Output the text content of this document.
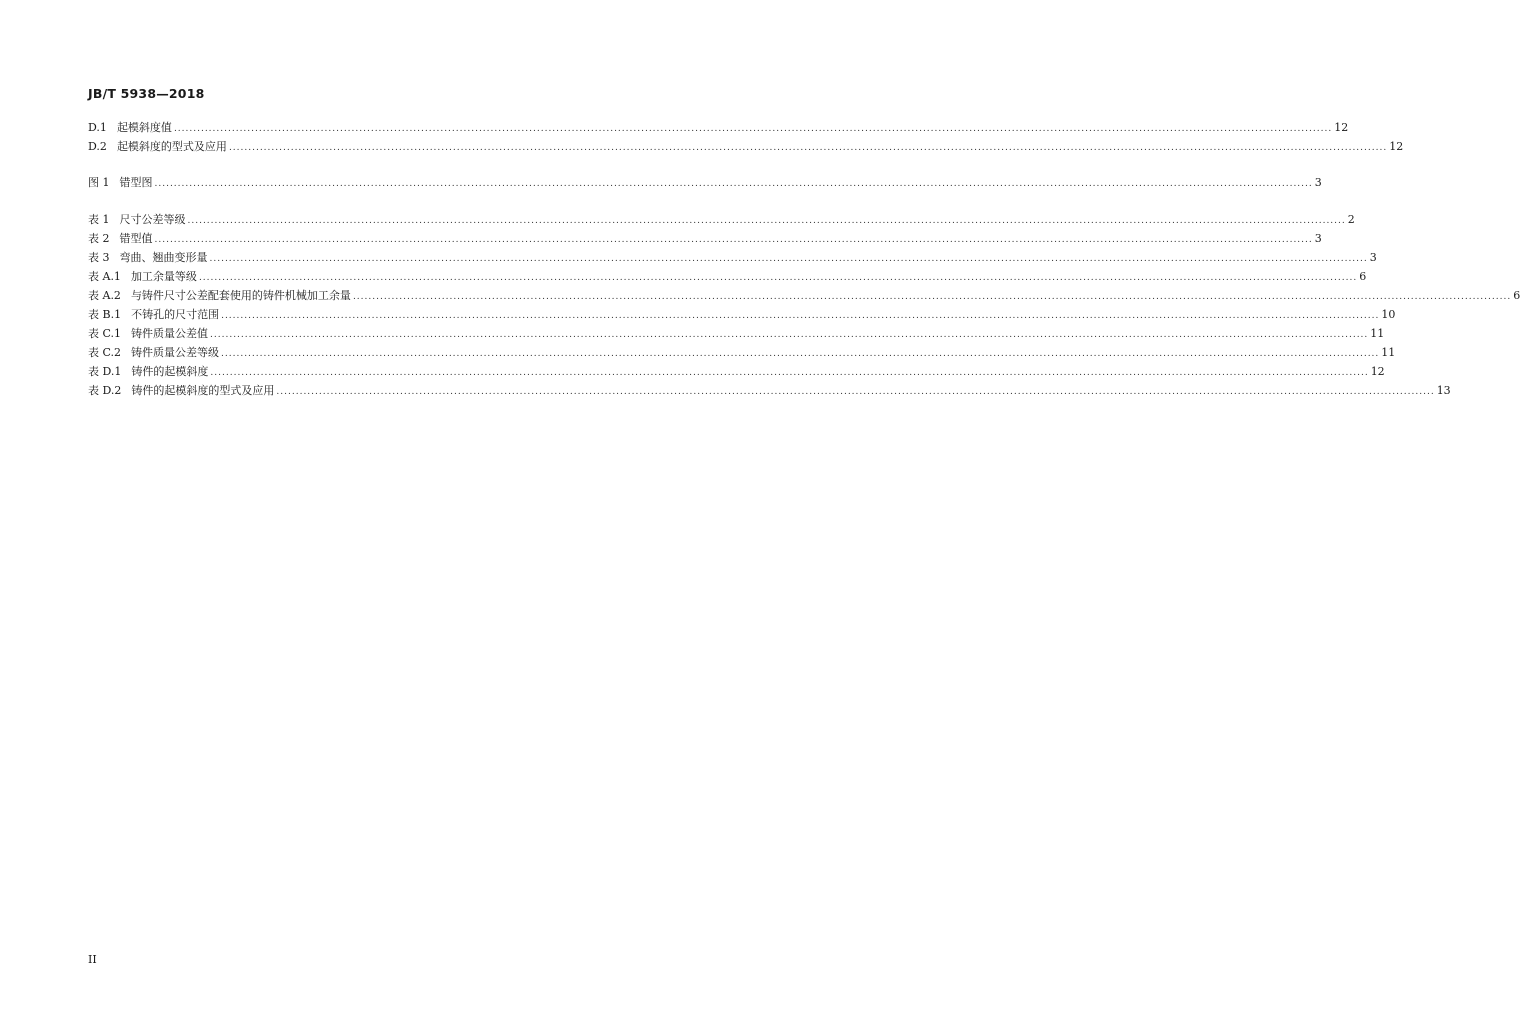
JB/T 5938—2018
D.1 起模斜度值 ............................................................................................................................................................................................................................................................................................................ 12
D.2 起模斜度的型式及应用 ............................................................................................................................................................................................................................................................................................................ 12
图 1 错型图 ............................................................................................................................................................................................................................................................................................................ 3
表 1 尺寸公差等级 ............................................................................................................................................................................................................................................................................................................ 2
表 2 错型值 ............................................................................................................................................................................................................................................................................................................ 3
表 3 弯曲、翘曲变形量 ............................................................................................................................................................................................................................................................................................................ 3
表 A.1 加工余量等级 ............................................................................................................................................................................................................................................................................................................ 6
表 A.2 与铸件尺寸公差配套使用的铸件机械加工余量 ............................................................................................................................................................................................................................................................................................................ 6
表 B.1 不铸孔的尺寸范围 ............................................................................................................................................................................................................................................................................................................ 10
表 C.1 铸件质量公差值 ............................................................................................................................................................................................................................................................................................................ 11
表 C.2 铸件质量公差等级 ............................................................................................................................................................................................................................................................................................................ 11
表 D.1 铸件的起模斜度 ............................................................................................................................................................................................................................................................................................................ 12
表 D.2 铸件的起模斜度的型式及应用 ............................................................................................................................................................................................................................................................................................................ 13
II
